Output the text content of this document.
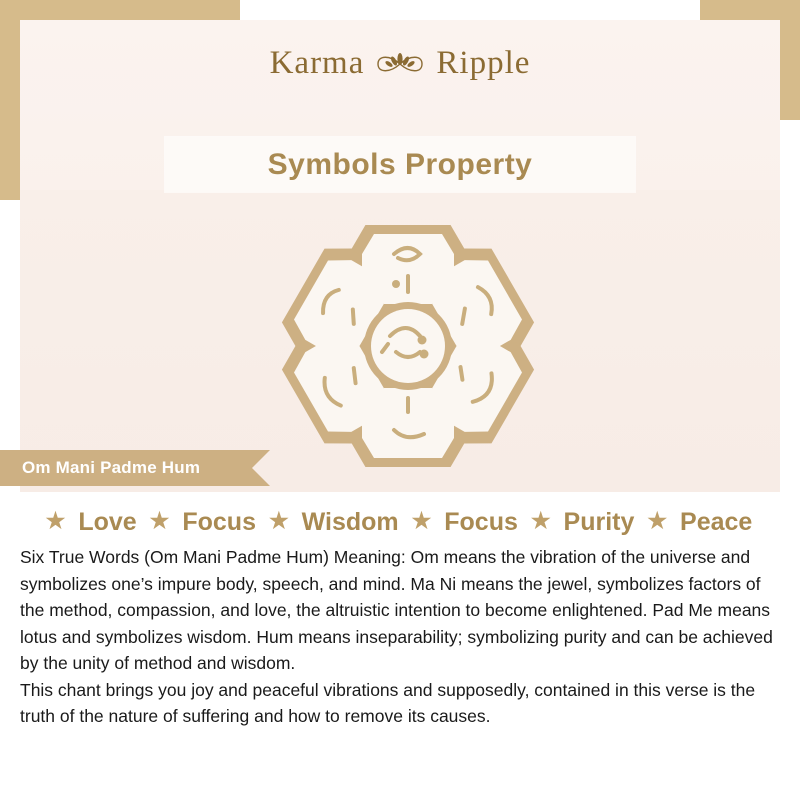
Karma Ripple
Symbols Property
Om Mani Padme Hum
★ Love ★ Focus ★ Wisdom ★ Focus ★ Purity ★ Peace

Six True Words (Om Mani Padme Hum) Meaning: Om means the vibration of the universe and symbolizes one’s impure body, speech, and mind. Ma Ni means the jewel, symbolizes factors of the method, compassion, and love, the altruistic intention to become enlightened. Pad Me means lotus and symbolizes wisdom. Hum means inseparability; symbolizing purity and can be achieved by the unity of method and wisdom.

This chant brings you joy and peaceful vibrations and supposedly, contained in this verse is the truth of the nature of suffering and how to remove its causes.
